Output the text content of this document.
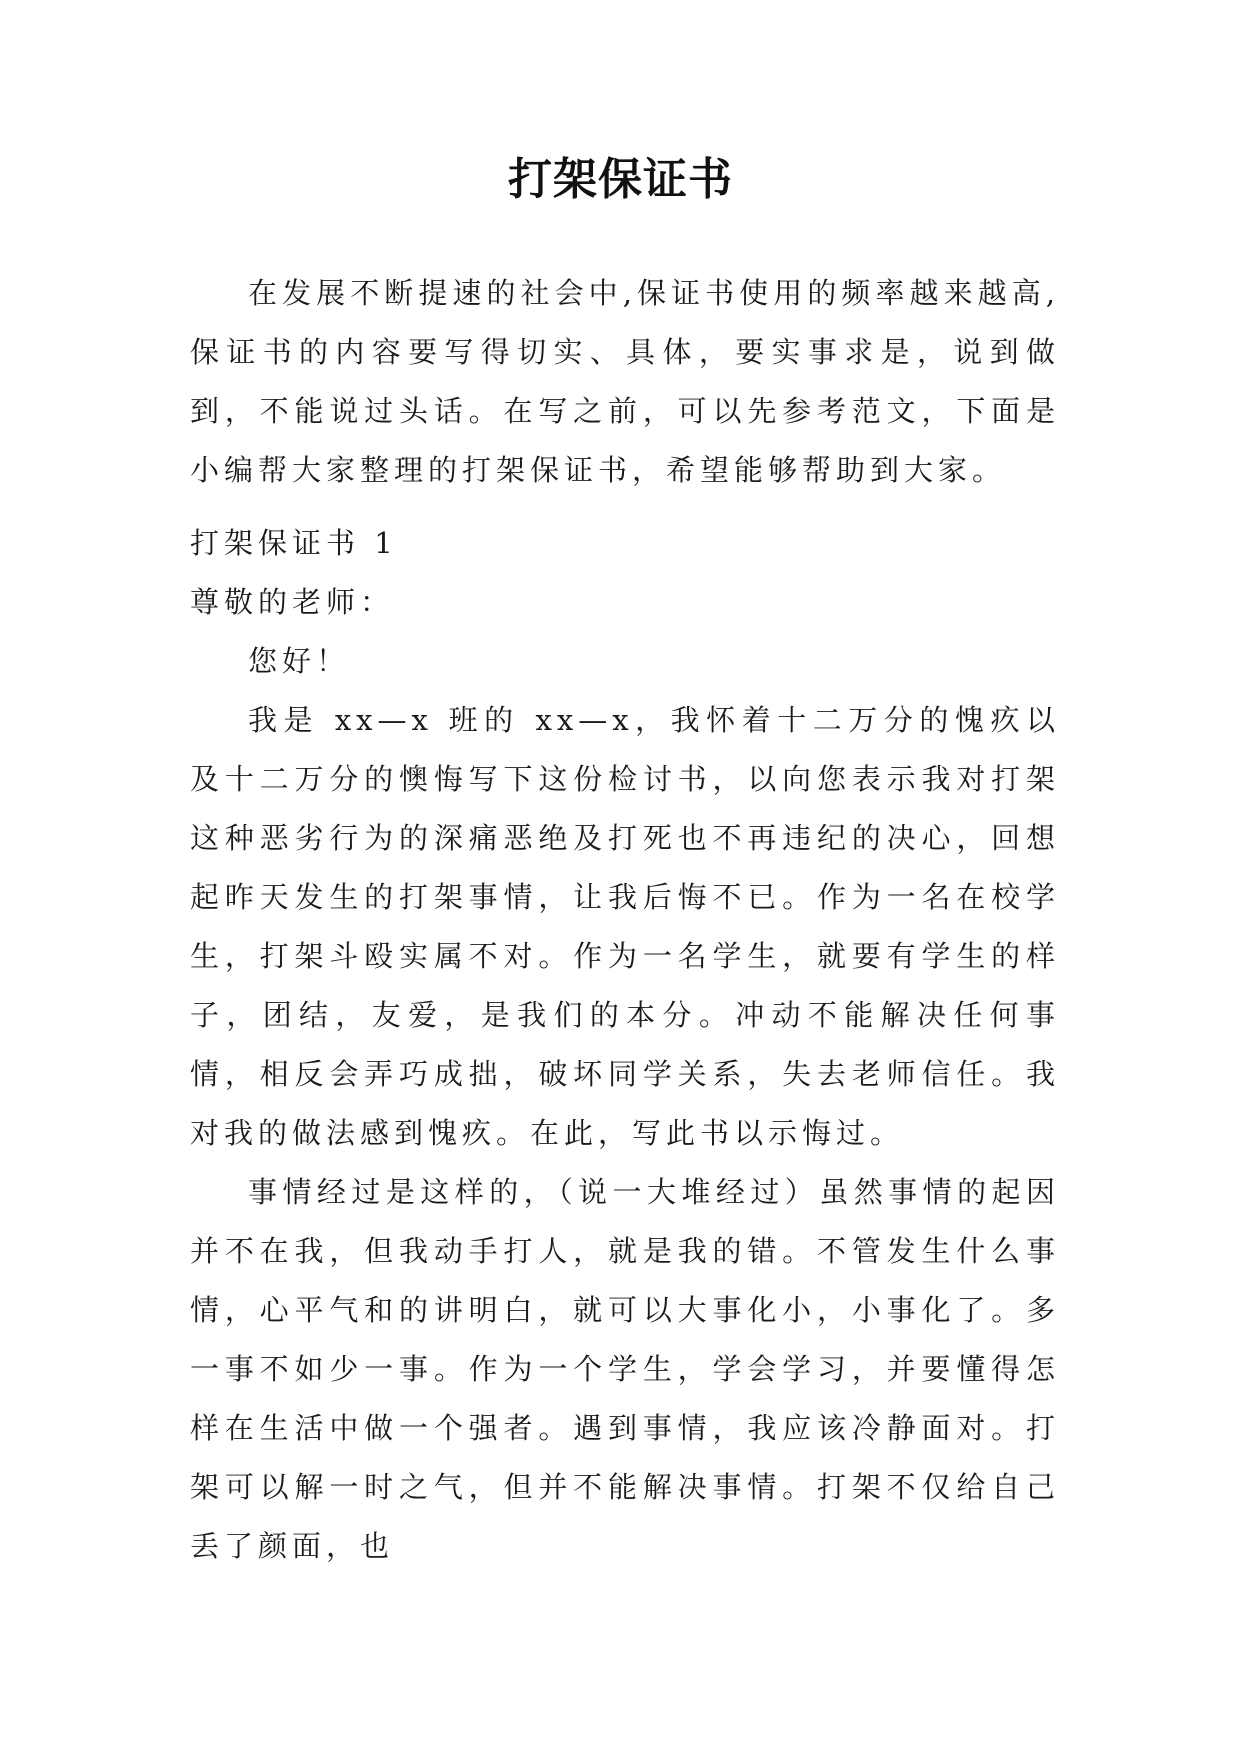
打架保证书

在发展不断提速的社会中,保证书使用的频率越来越高,保证书的内容要写得切实、具体，要实事求是，说到做到，不能说过头话。在写之前，可以先参考范文，下面是小编帮大家整理的打架保证书，希望能够帮助到大家。

打架保证书 1

尊敬的老师：

您好！

我是 xx—x 班的 xx—x，我怀着十二万分的愧疚以及十二万分的懊悔写下这份检讨书，以向您表示我对打架这种恶劣行为的深痛恶绝及打死也不再违纪的决心，回想起昨天发生的打架事情，让我后悔不已。作为一名在校学生，打架斗殴实属不对。作为一名学生，就要有学生的样子，团结，友爱，是我们的本分。冲动不能解决任何事情，相反会弄巧成拙，破坏同学关系，失去老师信任。我对我的做法感到愧疚。在此，写此书以示悔过。

事情经过是这样的，（说一大堆经过）虽然事情的起因并不在我，但我动手打人，就是我的错。不管发生什么事情，心平气和的讲明白，就可以大事化小，小事化了。多一事不如少一事。作为一个学生，学会学习，并要懂得怎样在生活中做一个强者。遇到事情，我应该冷静面对。打架可以解一时之气，但并不能解决事情。打架不仅给自己丢了颜面，也
